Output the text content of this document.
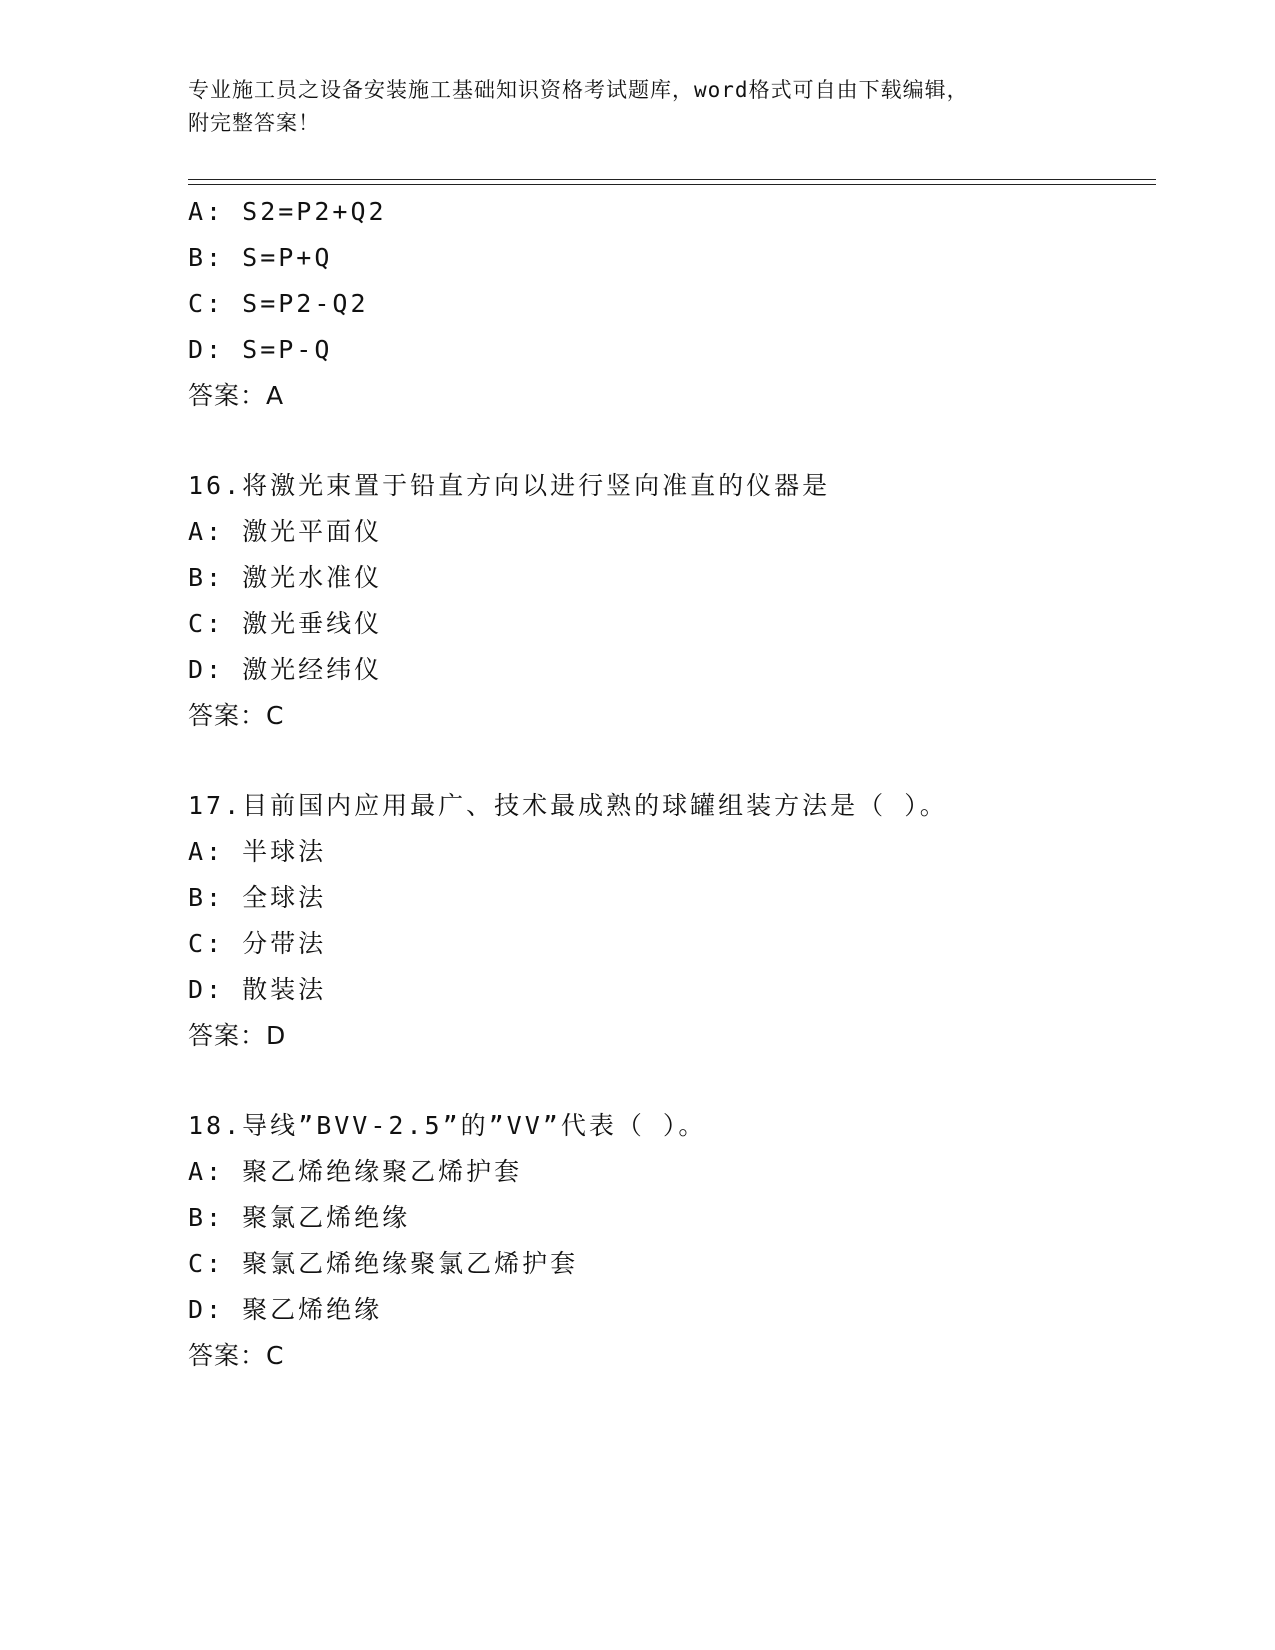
专业施工员之设备安装施工基础知识资格考试题库，word格式可自由下载编辑，
附完整答案！
A: S2=P2+Q2
B: S=P+Q
C: S=P2-Q2
D: S=P-Q
答案：A
16.将激光束置于铅直方向以进行竖向准直的仪器是
A: 激光平面仪
B: 激光水准仪
C: 激光垂线仪
D: 激光经纬仪
答案：C
17.目前国内应用最广、技术最成熟的球罐组装方法是（ ）。
A: 半球法
B: 全球法
C: 分带法
D: 散装法
答案：D
18.导线”BVV-2.5”的”VV”代表（ ）。
A: 聚乙烯绝缘聚乙烯护套
B: 聚氯乙烯绝缘
C: 聚氯乙烯绝缘聚氯乙烯护套
D: 聚乙烯绝缘
答案：C
